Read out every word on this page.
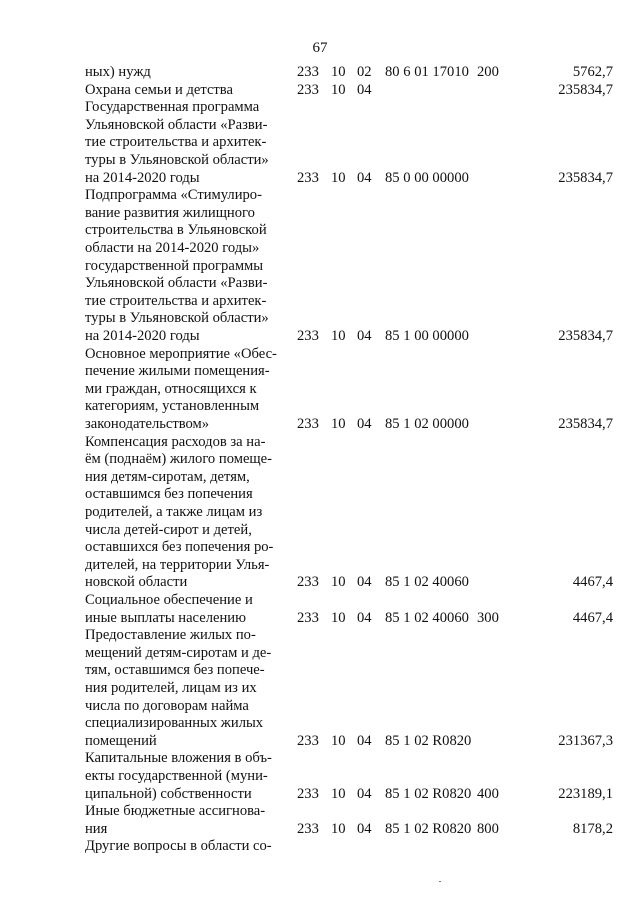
67
ных) нужд	233 10 02 80 6 01 17010 200	5762,7
Охрана семьи и детства	233 10 04	235834,7
Государственная программа
Ульяновской области «Разви-
тие строительства и архитек-
туры в Ульяновской области»
на 2014-2020 годы	233 10 04 85 0 00 00000	235834,7
Подпрограмма «Стимулиро-
вание развития жилищного
строительства в Ульяновской
области на 2014-2020 годы»
государственной программы
Ульяновской области «Разви-
тие строительства и архитек-
туры в Ульяновской области»
на 2014-2020 годы	233 10 04 85 1 00 00000	235834,7
Основное мероприятие «Обес-
печение жилыми помещения-
ми граждан, относящихся к
категориям, установленным
законодательством»	233 10 04 85 1 02 00000	235834,7
Компенсация расходов за на-
ём (поднаём) жилого помеще-
ния детям-сиротам, детям,
оставшимся без попечения
родителей, а также лицам из
числа детей-сирот и детей,
оставшихся без попечения ро-
дителей, на территории Улья-
новской области	233 10 04 85 1 02 40060	4467,4
Социальное обеспечение и
иные выплаты населению	233 10 04 85 1 02 40060 300	4467,4
Предоставление жилых по-
мещений детям-сиротам и де-
тям, оставшимся без попече-
ния родителей, лицам из их
числа по договорам найма
специализированных жилых
помещений	233 10 04 85 1 02 R0820	231367,3
Капитальные вложения в объ-
екты государственной (муни-
ципальной) собственности	233 10 04 85 1 02 R0820 400	223189,1
Иные бюджетные ассигнова-
ния	233 10 04 85 1 02 R0820 800	8178,2
Другие вопросы в области со-
